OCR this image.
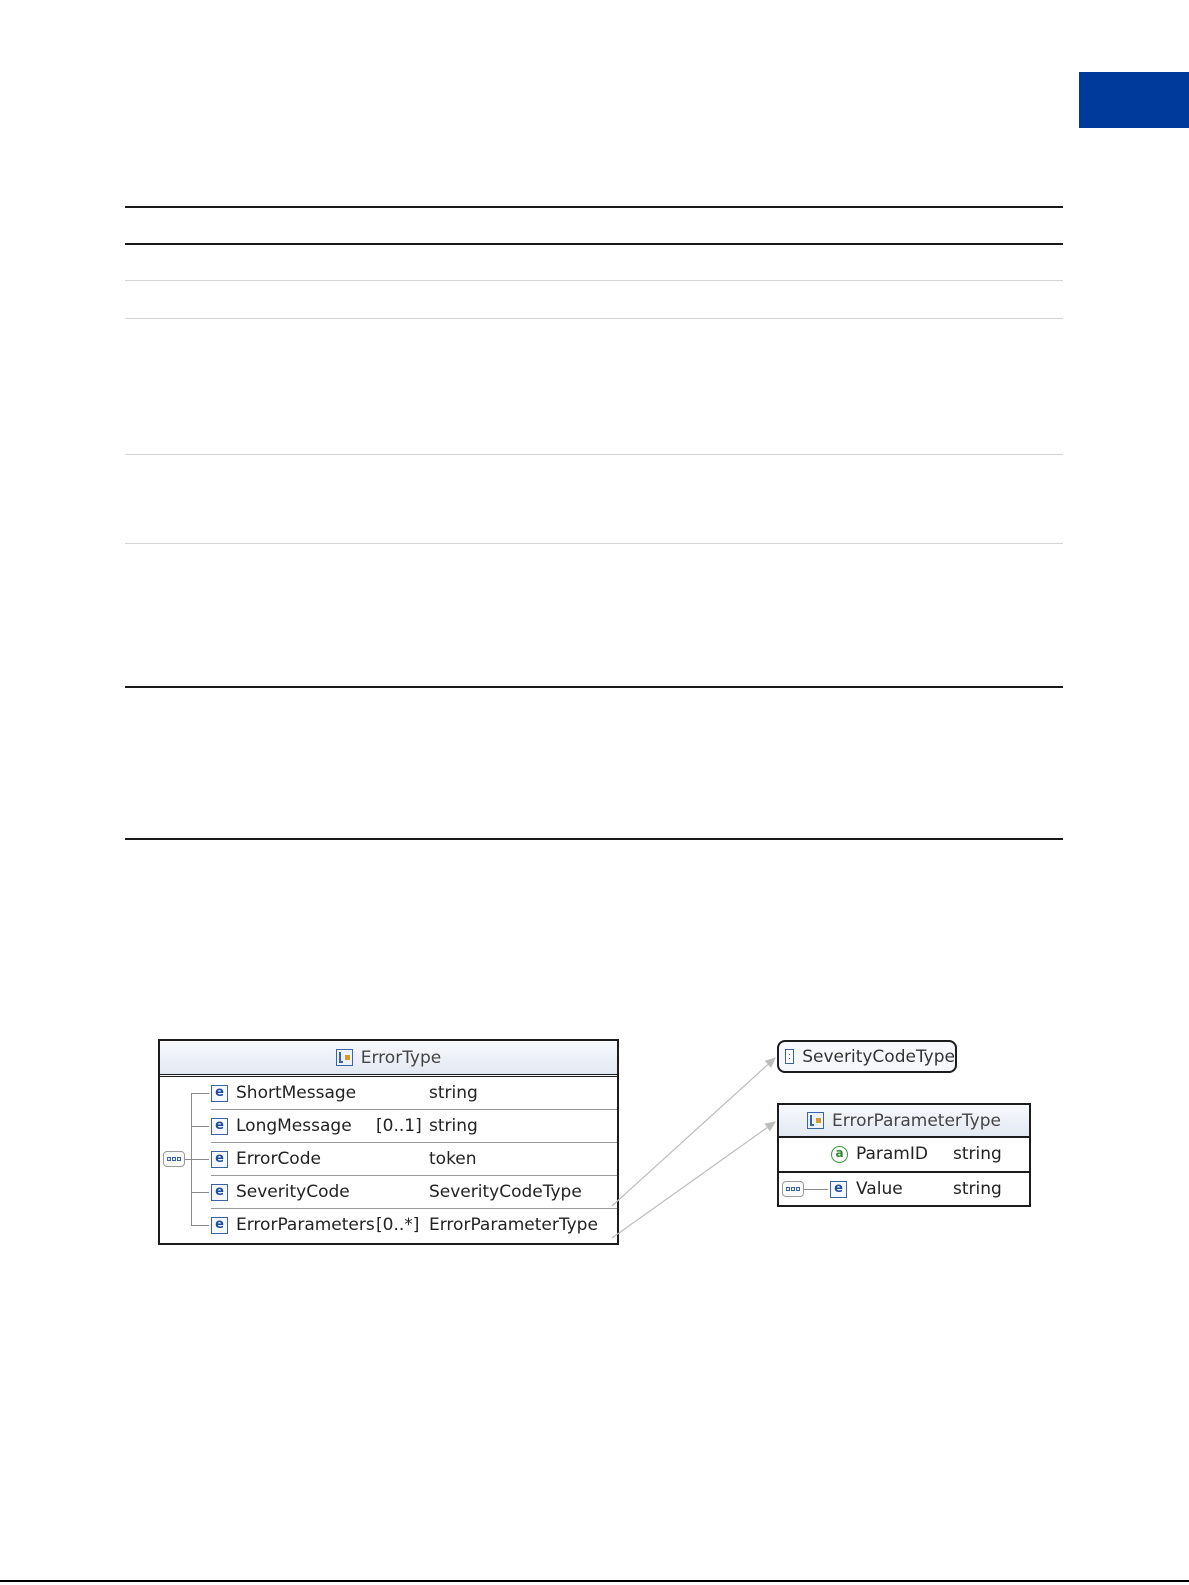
ErrorType
e ShortMessage	string
e LongMessage [0..1] string
e ErrorCode	token
e SeverityCode	SeverityCodeType
e ErrorParameters [0..*] ErrorParameterType
SeverityCodeType
ErrorParameterType
a ParamID string
e Value	string
